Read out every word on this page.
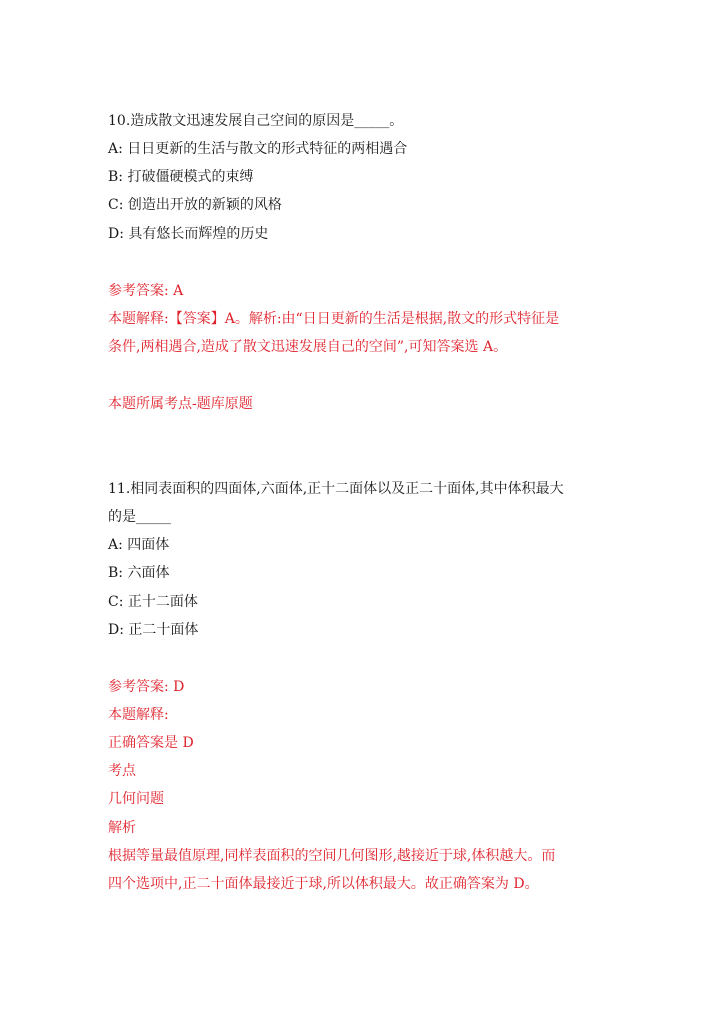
10.造成散文迅速发展自己空间的原因是_____。
A: 日日更新的生活与散文的形式特征的两相遇合
B: 打破僵硬模式的束缚
C: 创造出开放的新颖的风格
D: 具有悠长而辉煌的历史
参考答案: A
本题解释:【答案】A。解析:由“日日更新的生活是根据,散文的形式特征是
条件,两相遇合,造成了散文迅速发展自己的空间”,可知答案选 A。
本题所属考点-题库原题
11.相同表面积的四面体,六面体,正十二面体以及正二十面体,其中体积最大
的是_____
A: 四面体
B: 六面体
C: 正十二面体
D: 正二十面体
参考答案: D
本题解释:
正确答案是 D
考点
几何问题
解析
根据等量最值原理,同样表面积的空间几何图形,越接近于球,体积越大。而
四个选项中,正二十面体最接近于球,所以体积最大。故正确答案为 D。
